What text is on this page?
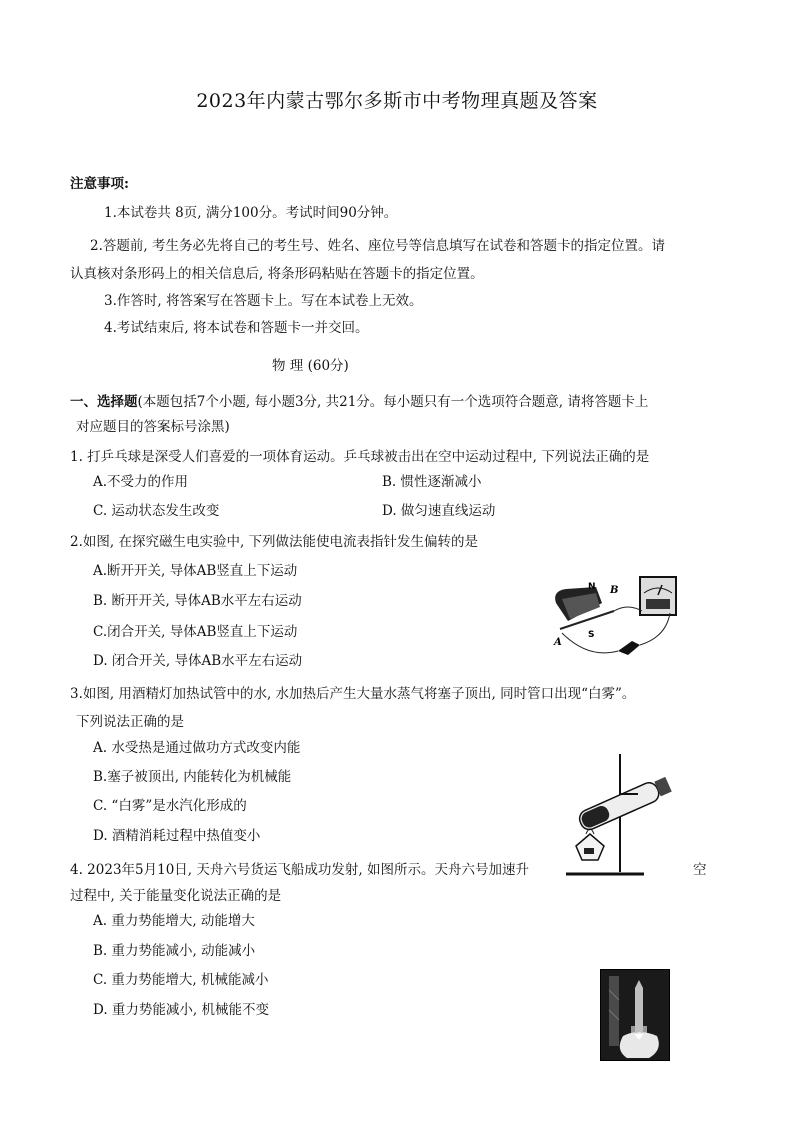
2023年内蒙古鄂尔多斯市中考物理真题及答案
注意事项:
1.本试卷共 8页, 满分100分。考试时间90分钟。
2.答题前, 考生务必先将自己的考生号、姓名、座位号等信息填写在试卷和答题卡的指定位置。请
认真核对条形码上的相关信息后, 将条形码粘贴在答题卡的指定位置。
3.作答时, 将答案写在答题卡上。写在本试卷上无效。
4.考试结束后, 将本试卷和答题卡一并交回。
物 理 (60分)
一、选择题(本题包括7个小题, 每小题3分, 共21分。每小题只有一个选项符合题意, 请将答题卡上
对应题目的答案标号涂黑)
1. 打乒乓球是深受人们喜爱的一项体育运动。乒乓球被击出在空中运动过程中, 下列说法正确的是
A.不受力的作用	B. 惯性逐渐减小
C. 运动状态发生改变	D. 做匀速直线运动
2.如图, 在探究磁生电实验中, 下列做法能使电流表指针发生偏转的是
A.断开开关, 导体AB竖直上下运动
B. 断开开关, 导体AB水平左右运动
C.闭合开关, 导体AB竖直上下运动
D. 闭合开关, 导体AB水平左右运动
N
S
A
B
3.如图, 用酒精灯加热试管中的水, 水加热后产生大量水蒸气将塞子顶出, 同时管口出现“白雾”。
下列说法正确的是
A. 水受热是通过做功方式改变内能
B.塞子被顶出, 内能转化为机械能
C. “白雾”是水汽化形成的
D. 酒精消耗过程中热值变小
4. 2023年5月10日, 天舟六号货运飞船成功发射, 如图所示。天舟六号加速升	空
过程中, 关于能量变化说法正确的是
A. 重力势能增大, 动能增大
B. 重力势能减小, 动能减小
C. 重力势能增大, 机械能减小
D. 重力势能减小, 机械能不变
